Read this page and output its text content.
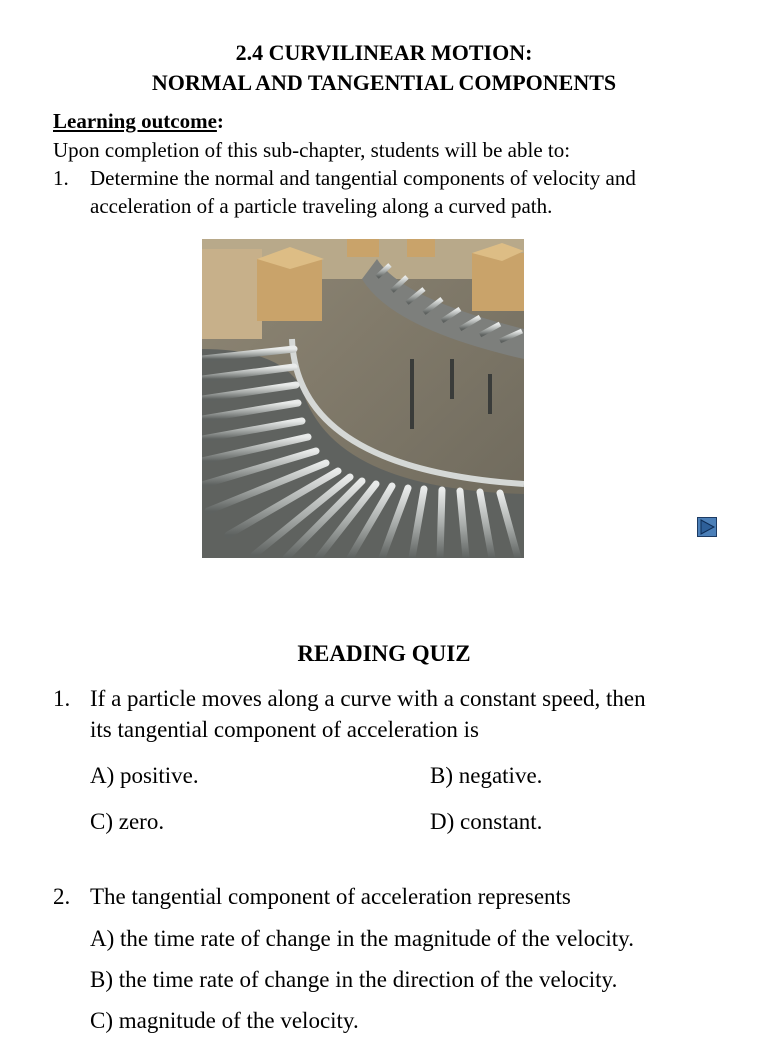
2.4 CURVILINEAR MOTION:
NORMAL AND TANGENTIAL COMPONENTS
Learning outcome:
Upon completion of this sub-chapter, students will be able to:
1. Determine the normal and tangential components of velocity and
acceleration of a particle traveling along a curved path.
READING QUIZ
1. If a particle moves along a curve with a constant speed, then
its tangential component of acceleration is
A) positive.	B) negative.
C) zero.	D) constant.
2. The tangential component of acceleration represents
A) the time rate of change in the magnitude of the velocity.
B) the time rate of change in the direction of the velocity.
C) magnitude of the velocity.
